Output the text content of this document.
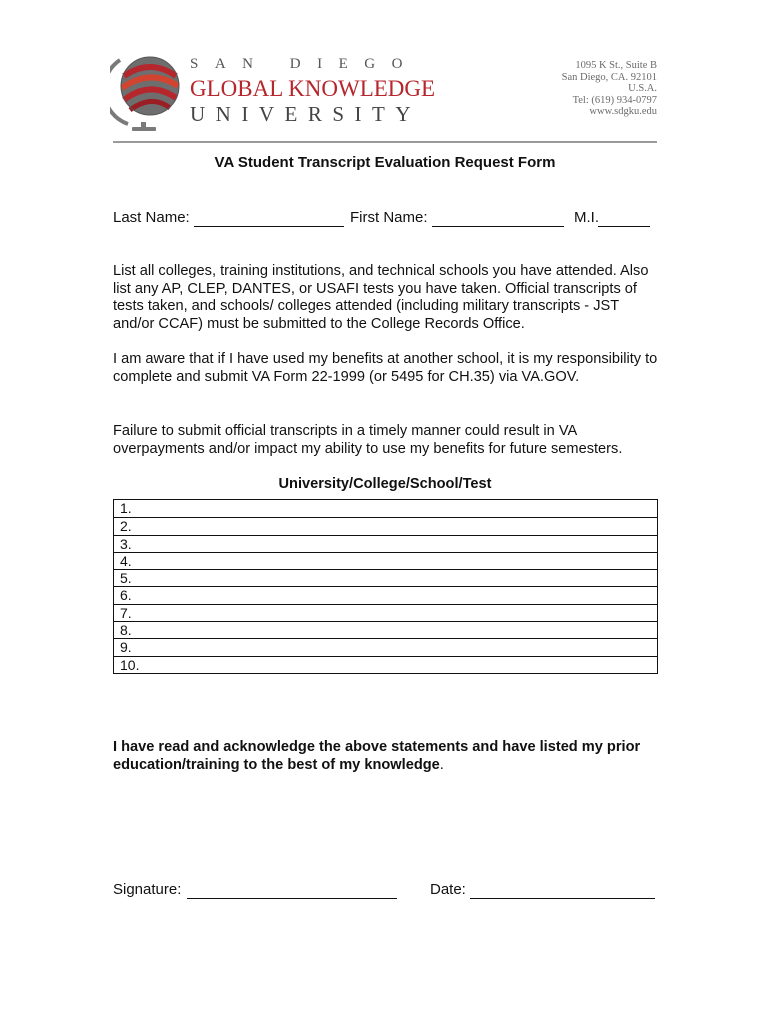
SAN DIEGO
GLOBAL KNOWLEDGE
UNIVERSITY
1095 K St., Suite B
San Diego, CA. 92101
U.S.A.
Tel: (619) 934-0797
www.sdgku.edu
VA Student Transcript Evaluation Request Form
Last Name:	First Name:	M.I.
List all colleges, training institutions, and technical schools you have attended. Also list any AP, CLEP, DANTES, or USAFI tests you have taken. Official transcripts of tests taken, and schools/ colleges attended (including military transcripts - JST and/or CCAF) must be submitted to the College Records Office.
I am aware that if I have used my benefits at another school, it is my responsibility to complete and submit VA Form 22-1999 (or 5495 for CH.35) via VA.GOV.
Failure to submit official transcripts in a timely manner could result in VA overpayments and/or impact my ability to use my benefits for future semesters.
University/College/School/Test
1.
2.
3.
4.
5.
6.
7.
8.
9.
10.
I have read and acknowledge the above statements and have listed my prior education/training to the best of my knowledge.
Signature:	Date:
